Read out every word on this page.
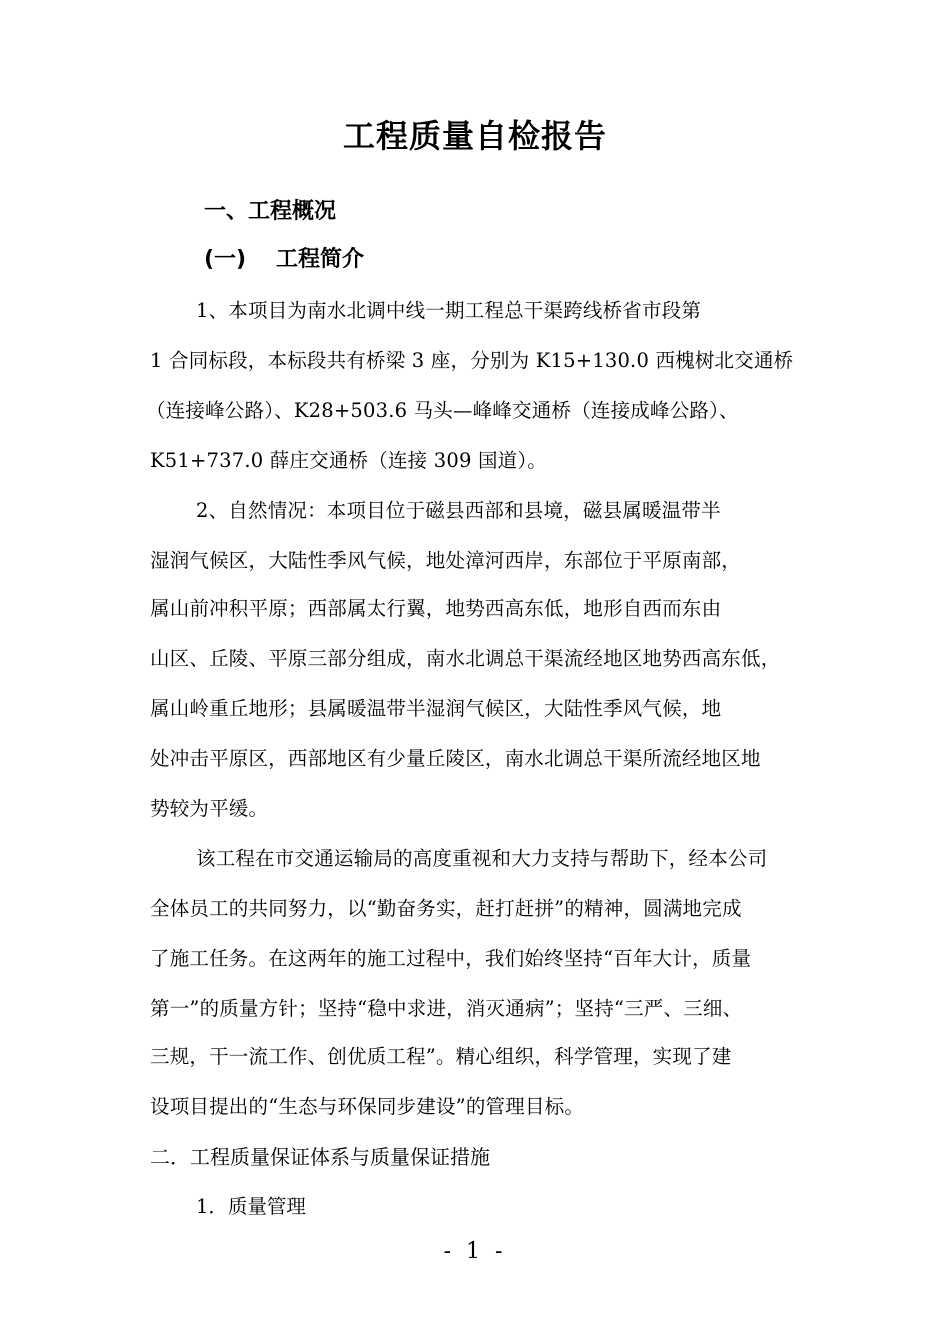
工程质量自检报告
一、工程概况
(一) 工程简介
1、本项目为南水北调中线一期工程总干渠跨线桥省市段第
1 合同标段，本标段共有桥梁 3 座，分别为 K15+130.0 西槐树北交通桥
（连接峰公路）、K28+503.6 马头—峰峰交通桥（连接成峰公路）、
K51+737.0 薛庄交通桥（连接 309 国道）。
2、自然情况：本项目位于磁县西部和县境，磁县属暖温带半
湿润气候区，大陆性季风气候，地处漳河西岸，东部位于平原南部，
属山前冲积平原；西部属太行翼，地势西高东低，地形自西而东由
山区、丘陵、平原三部分组成，南水北调总干渠流经地区地势西高东低，
属山岭重丘地形；县属暖温带半湿润气候区，大陆性季风气候，地
处冲击平原区，西部地区有少量丘陵区，南水北调总干渠所流经地区地
势较为平缓。
该工程在市交通运输局的高度重视和大力支持与帮助下，经本公司
全体员工的共同努力，以“勤奋务实，赶打赶拼”的精神，圆满地完成
了施工任务。在这两年的施工过程中，我们始终坚持“百年大计，质量
第一”的质量方针；坚持“稳中求进，消灭通病”；坚持“三严、三细、
三规，干一流工作、创优质工程”。精心组织，科学管理，实现了建
设项目提出的“生态与环保同步建设”的管理目标。
二．工程质量保证体系与质量保证措施
1．质量管理
- 1 -
